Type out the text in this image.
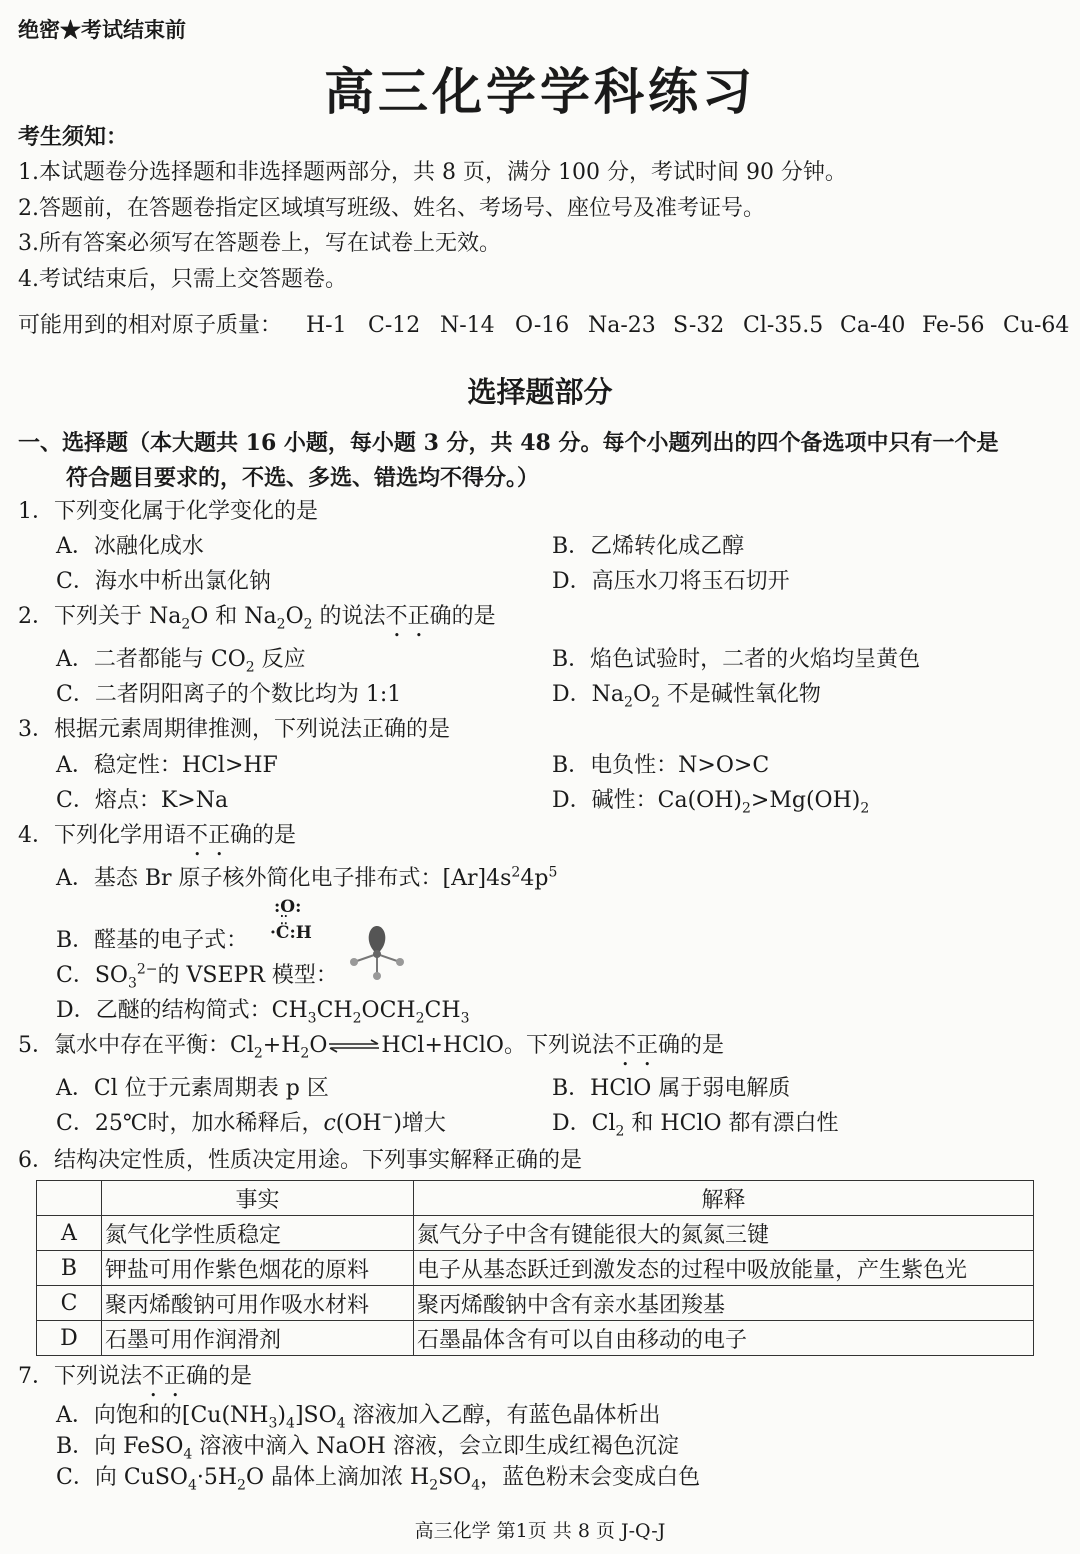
绝密★考试结束前
高三化学学科练习
考生须知：
1.本试题卷分选择题和非选择题两部分，共 8 页，满分 100 分，考试时间 90 分钟。
2.答题前，在答题卷指定区域填写班级、姓名、考场号、座位号及准考证号。
3.所有答案必须写在答题卷上，写在试卷上无效。
4.考试结束后，只需上交答题卷。
可能用到的相对原子质量： H-1 C-12 N-14 O-16 Na-23 S-32 Cl-35.5 Ca-40 Fe-56 Cu-64
选择题部分
一、选择题（本大题共 16 小题，每小题 3 分，共 48 分。每个小题列出的四个备选项中只有一个是
符合题目要求的，不选、多选、错选均不得分。）
1．下列变化属于化学变化的是
A．冰融化成水	B．乙烯转化成乙醇
C．海水中析出氯化钠	D．高压水刀将玉石切开
2．下列关于 $Na_2O$ 和 $Na_2O_2$ 的说法不正确的是
A．二者都能与 $CO_2$ 反应	B．焰色试验时，二者的火焰均呈黄色
C．二者阴阳离子的个数比均为 1:1	D．$Na_2O_2$ 不是碱性氧化物
3．根据元素周期律推测，下列说法正确的是
A．稳定性：HCl>HF	B．电负性：N>O>C
C．熔点：K>Na	D．碱性：$Ca(OH)_2>Mg(OH)_2$
4．下列化学用语不正确的是
A．基态 Br 原子核外简化电子排布式：$[Ar]4s^24p^5$
B．醛基的电子式：
:O:
⁚⁚
·C:H
C．$SO_3^{2-}$的 VSEPR 模型：
D．乙醚的结构简式：$CH_3CH_2OCH_2CH_3$
5．氯水中存在平衡：$Cl_2+H_2O\rightleftharpoons HCl+HClO$。下列说法不正确的是
A．Cl 位于元素周期表 p 区	B．HClO 属于弱电解质
C．25℃时，加水稀释后，c(OH−)增大	D．$Cl_2$ 和 HClO 都有漂白性
6．结构决定性质，性质决定用途。下列事实解释正确的是
	事实	解释
A	氮气化学性质稳定	氮气分子中含有键能很大的氮氮三键
B	钾盐可用作紫色烟花的原料	电子从基态跃迁到激发态的过程中吸放能量，产生紫色光
C	聚丙烯酸钠可用作吸水材料	聚丙烯酸钠中含有亲水基团羧基
D	石墨可用作润滑剂	石墨晶体含有可以自由移动的电子
7．下列说法不正确的是
A．向饱和的$[Cu(NH_3)_4]SO_4$ 溶液加入乙醇，有蓝色晶体析出
B．向 FeSO$_4$ 溶液中滴入 NaOH 溶液，会立即生成红褐色沉淀
C．向 $CuSO_4\cdot 5H_2O$ 晶体上滴加浓 $H_2SO_4$，蓝色粉末会变成白色
高三化学 第1页 共 8 页 J-Q-J
